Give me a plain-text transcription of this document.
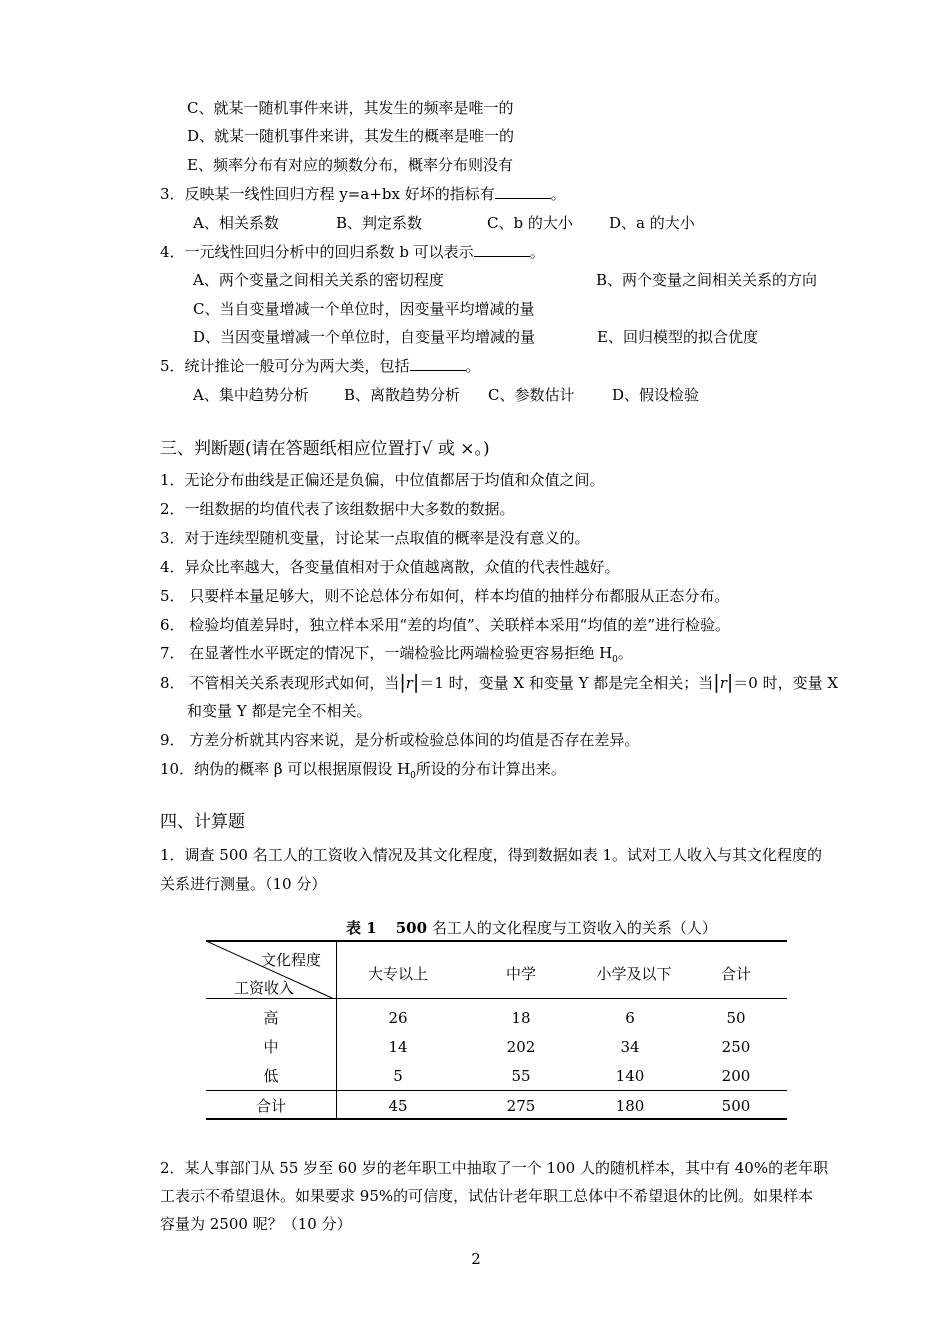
C、就某一随机事件来讲，其发生的频率是唯一的
D、就某一随机事件来讲，其发生的概率是唯一的
E、频率分布有对应的频数分布，概率分布则没有
3．反映某一线性回归方程 y=a+bx 好坏的指标有	。
A、相关系数	B、判定系数	C、b 的大小 D、a 的大小
4．一元线性回归分析中的回归系数 b 可以表示	。
A、两个变量之间相关关系的密切程度	B、两个变量之间相关关系的方向
C、当自变量增减一个单位时，因变量平均增减的量
D、当因变量增减一个单位时，自变量平均增减的量	E、回归模型的拟合优度
5．统计推论一般可分为两大类，包括	。
A、集中趋势分析 B、离散趋势分析 C、参数估计	D、假设检验
三、判断题(请在答题纸相应位置打√ 或 ×。)
1．无论分布曲线是正偏还是负偏，中位值都居于均值和众值之间。
2．一组数据的均值代表了该组数据中大多数的数据。
3．对于连续型随机变量，讨论某一点取值的概率是没有意义的。
4．异众比率越大，各变量值相对于众值越离散，众值的代表性越好。
5． 只要样本量足够大，则不论总体分布如何，样本均值的抽样分布都服从正态分布。
6． 检验均值差异时，独立样本采用“差的均值”、关联样本采用“均值的差”进行检验。
7． 在显著性水平既定的情况下，一端检验比两端检验更容易拒绝 $H_0$。
8． 不管相关关系表现形式如何，当|r|＝1 时，变量 X 和变量 Y 都是完全相关；当|r|＝0 时，变量 X
和变量 Y 都是完全不相关。
9． 方差分析就其内容来说，是分析或检验总体间的均值是否存在差异。
10．纳伪的概率 β 可以根据原假设 $H_0$所设的分布计算出来。
四、计算题
1．调查 500 名工人的工资收入情况及其文化程度，得到数据如表 1。试对工人收入与其文化程度的
关系进行测量。（10 分）
表 1 500 名工人的文化程度与工资收入的关系（人）
文化程度
工资收入
大专以上	中学	小学及以下	合计
高	26	18	6	50
中	14	202	34	250
低	5	55	140	200
合计	45	275	180	500
2．某人事部门从 55 岁至 60 岁的老年职工中抽取了一个 100 人的随机样本，其中有 40%的老年职
工表示不希望退休。如果要求 95%的可信度，试估计老年职工总体中不希望退休的比例。如果样本
容量为 2500 呢？（10 分）
2
